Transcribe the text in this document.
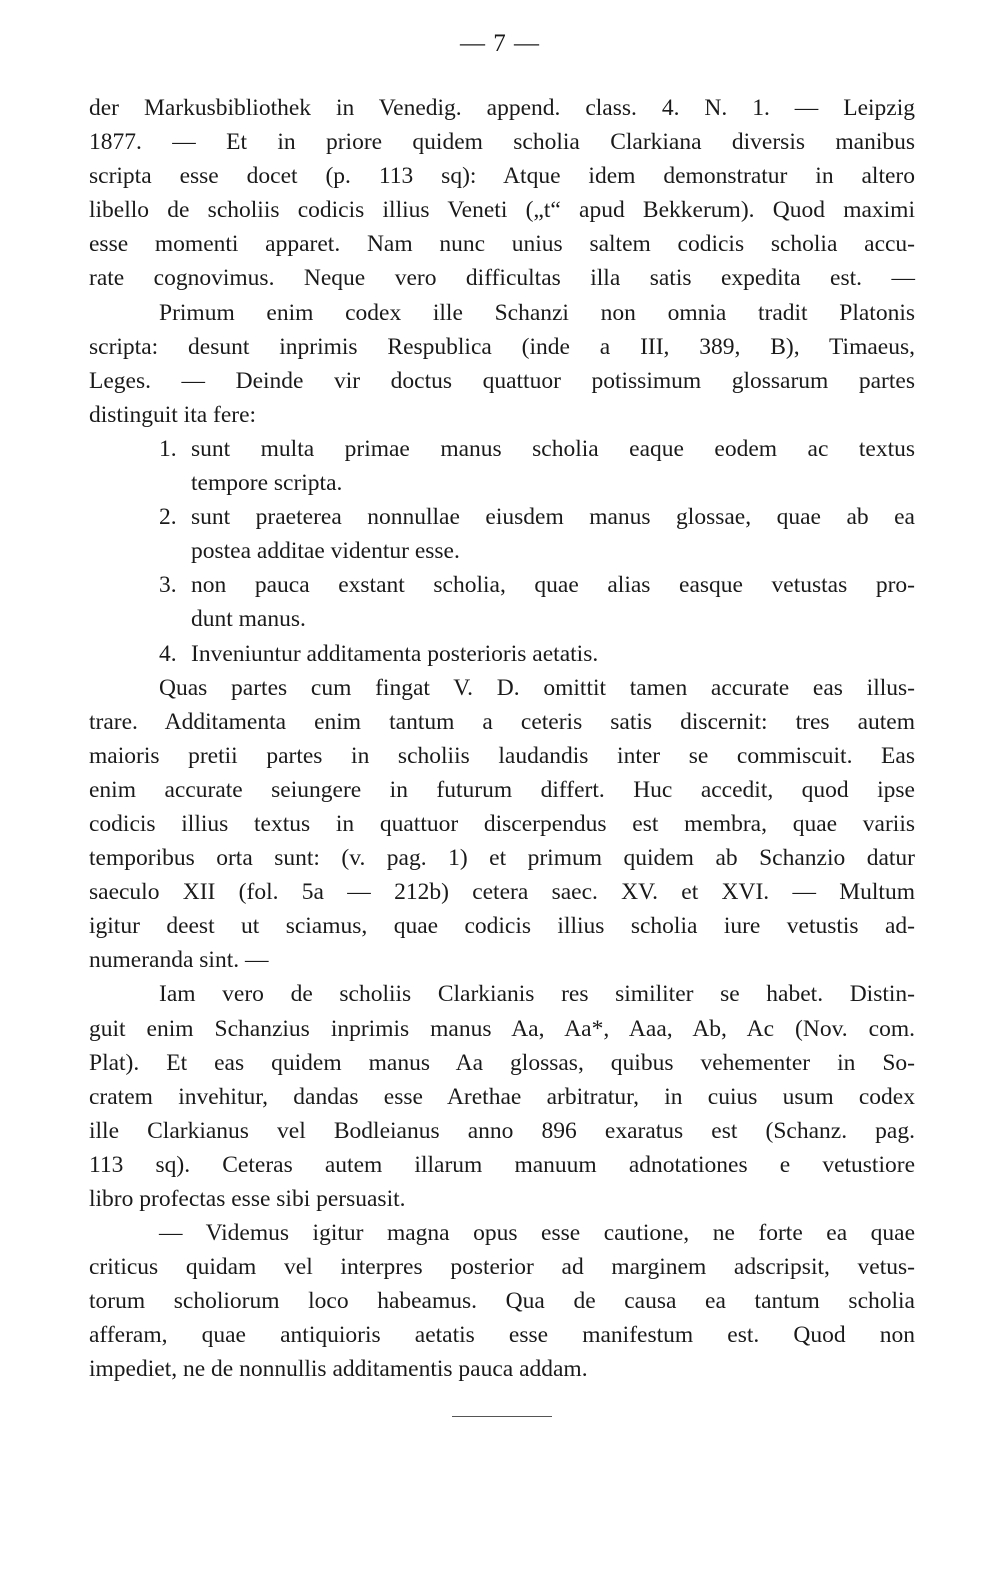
— 7 —
der Markusbibliothek in Venedig. append. class. 4. N. 1. — Leipzig
1877. — Et in priore quidem scholia Clarkiana diversis manibus
scripta esse docet (p. 113 sq): Atque idem demonstratur in altero
libello de scholiis codicis illius Veneti („t“ apud Bekkerum). Quod maximi
esse momenti apparet. Nam nunc unius saltem codicis scholia accu-
rate cognovimus. Neque vero difficultas illa satis expedita est. —
Primum enim codex ille Schanzi non omnia tradit Platonis
scripta: desunt inprimis Respublica (inde a III, 389, B), Timaeus,
Leges. — Deinde vir doctus quattuor potissimum glossarum partes
distinguit ita fere:
1. sunt multa primae manus scholia eaque eodem ac textus
tempore scripta.
2. sunt praeterea nonnullae eiusdem manus glossae, quae ab ea
postea additae videntur esse.
3. non pauca exstant scholia, quae alias easque vetustas pro-
dunt manus.
4. Inveniuntur additamenta posterioris aetatis.
Quas partes cum fingat V. D. omittit tamen accurate eas illus-
trare. Additamenta enim tantum a ceteris satis discernit: tres autem
maioris pretii partes in scholiis laudandis inter se commiscuit. Eas
enim accurate seiungere in futurum differt. Huc accedit, quod ipse
codicis illius textus in quattuor discerpendus est membra, quae variis
temporibus orta sunt: (v. pag. 1) et primum quidem ab Schanzio datur
saeculo XII (fol. 5a — 212b) cetera saec. XV. et XVI. — Multum
igitur deest ut sciamus, quae codicis illius scholia iure vetustis ad-
numeranda sint. —
Iam vero de scholiis Clarkianis res similiter se habet. Distin-
guit enim Schanzius inprimis manus Aa, Aa*, Aaa, Ab, Ac (Nov. com.
Plat). Et eas quidem manus Aa glossas, quibus vehementer in So-
cratem invehitur, dandas esse Arethae arbitratur, in cuius usum codex
ille Clarkianus vel Bodleianus anno 896 exaratus est (Schanz. pag.
113 sq). Ceteras autem illarum manuum adnotationes e vetustiore
libro profectas esse sibi persuasit.
— Videmus igitur magna opus esse cautione, ne forte ea quae
criticus quidam vel interpres posterior ad marginem adscripsit, vetus-
torum scholiorum loco habeamus. Qua de causa ea tantum scholia
afferam, quae antiquioris aetatis esse manifestum est. Quod non
impediet, ne de nonnullis additamentis pauca addam.
